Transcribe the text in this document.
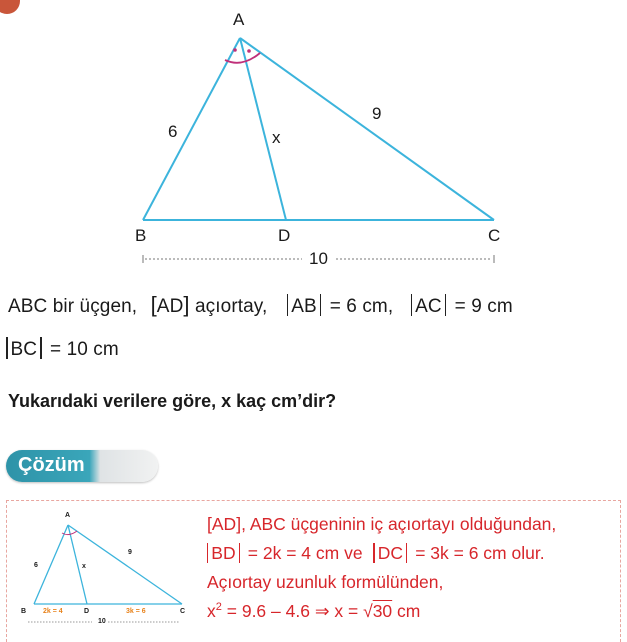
A
B	D	C
6
9
x
10
ABC bir üçgen, [AD] açıortay, AB = 6 cm, AC = 9 cm
BC = 10 cm
Yukarıdaki verilere göre, x kaç cm’dir?
Çözüm
A
6
9
x
B 2k = 4	D	3k = 6	C
10
[AD], ABC üçgeninin iç açıortayı olduğundan,
BD = 2k = 4 cm ve DC = 3k = 6 cm olur.
Açıortay uzunluk formülünden,
$x^2 = 9.6 - 4.6$ ⇒ x = √30 cm
